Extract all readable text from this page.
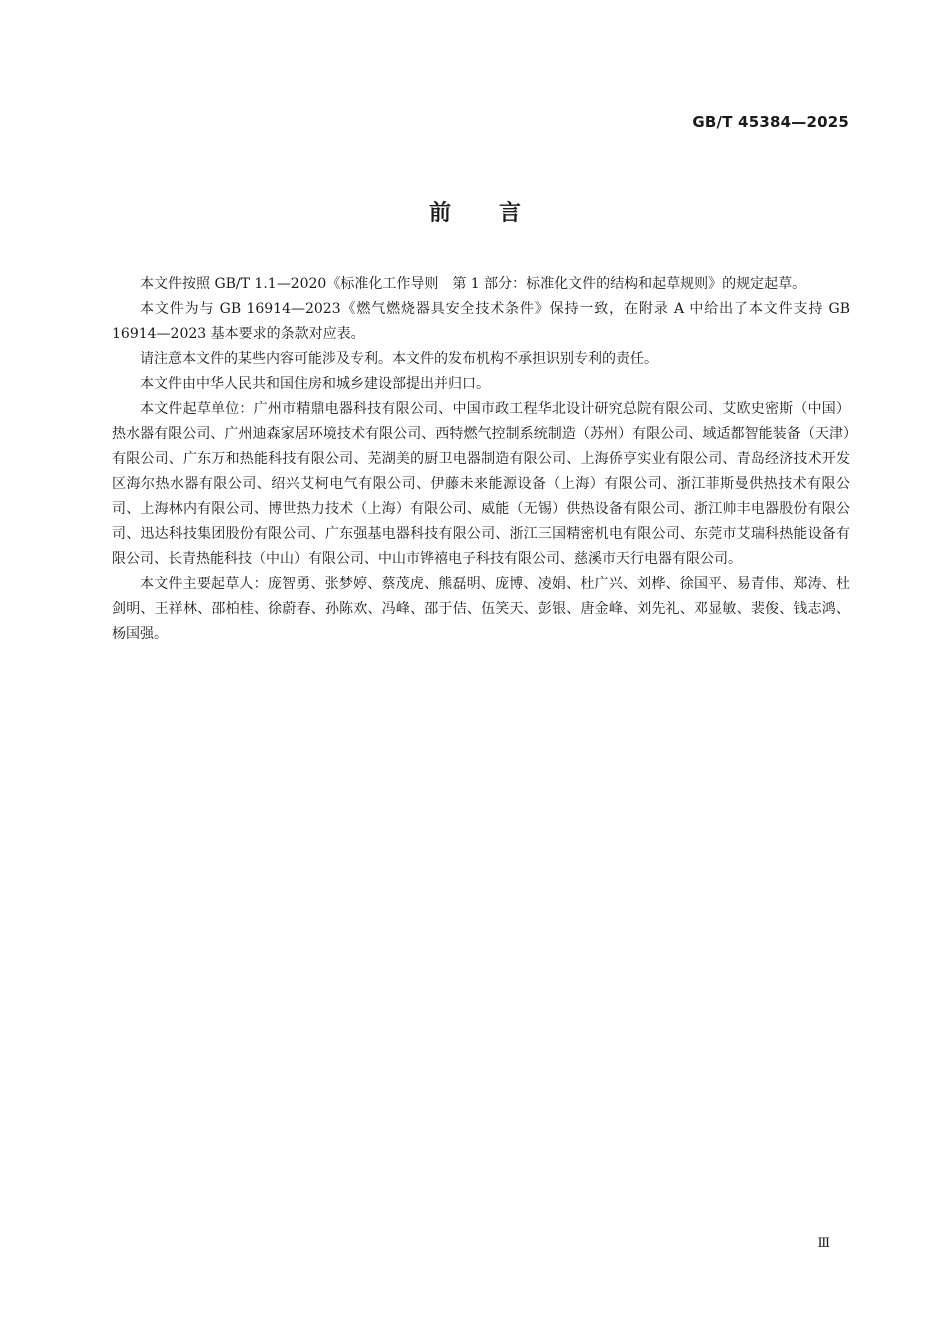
GB/T 45384—2025
前 言

本文件按照 GB/T 1.1—2020《标准化工作导则　第 1 部分：标准化文件的结构和起草规则》的规定起草。

本文件为与 GB 16914—2023《燃气燃烧器具安全技术条件》保持一致，在附录 A 中给出了本文件支持 GB 16914—2023 基本要求的条款对应表。

请注意本文件的某些内容可能涉及专利。本文件的发布机构不承担识别专利的责任。

本文件由中华人民共和国住房和城乡建设部提出并归口。

本文件起草单位：广州市精鼎电器科技有限公司、中国市政工程华北设计研究总院有限公司、艾欧史密斯（中国）热水器有限公司、广州迪森家居环境技术有限公司、西特燃气控制系统制造（苏州）有限公司、域适都智能装备（天津）有限公司、广东万和热能科技有限公司、芜湖美的厨卫电器制造有限公司、上海侨亨实业有限公司、青岛经济技术开发区海尔热水器有限公司、绍兴艾柯电气有限公司、伊藤未来能源设备（上海）有限公司、浙江菲斯曼供热技术有限公司、上海林内有限公司、博世热力技术（上海）有限公司、威能（无锡）供热设备有限公司、浙江帅丰电器股份有限公司、迅达科技集团股份有限公司、广东强基电器科技有限公司、浙江三国精密机电有限公司、东莞市艾瑞科热能设备有限公司、长青热能科技（中山）有限公司、中山市铧禧电子科技有限公司、慈溪市天行电器有限公司。

本文件主要起草人：庞智勇、张梦婷、蔡茂虎、熊磊明、庞博、凌娟、杜广兴、刘桦、徐国平、易青伟、郑涛、杜剑明、王祥林、邵柏桂、徐蔚春、孙陈欢、冯峰、邵于佶、伍笑天、彭银、唐金峰、刘先礼、邓显敏、裴俊、钱志鸿、杨国强。

Ⅲ
